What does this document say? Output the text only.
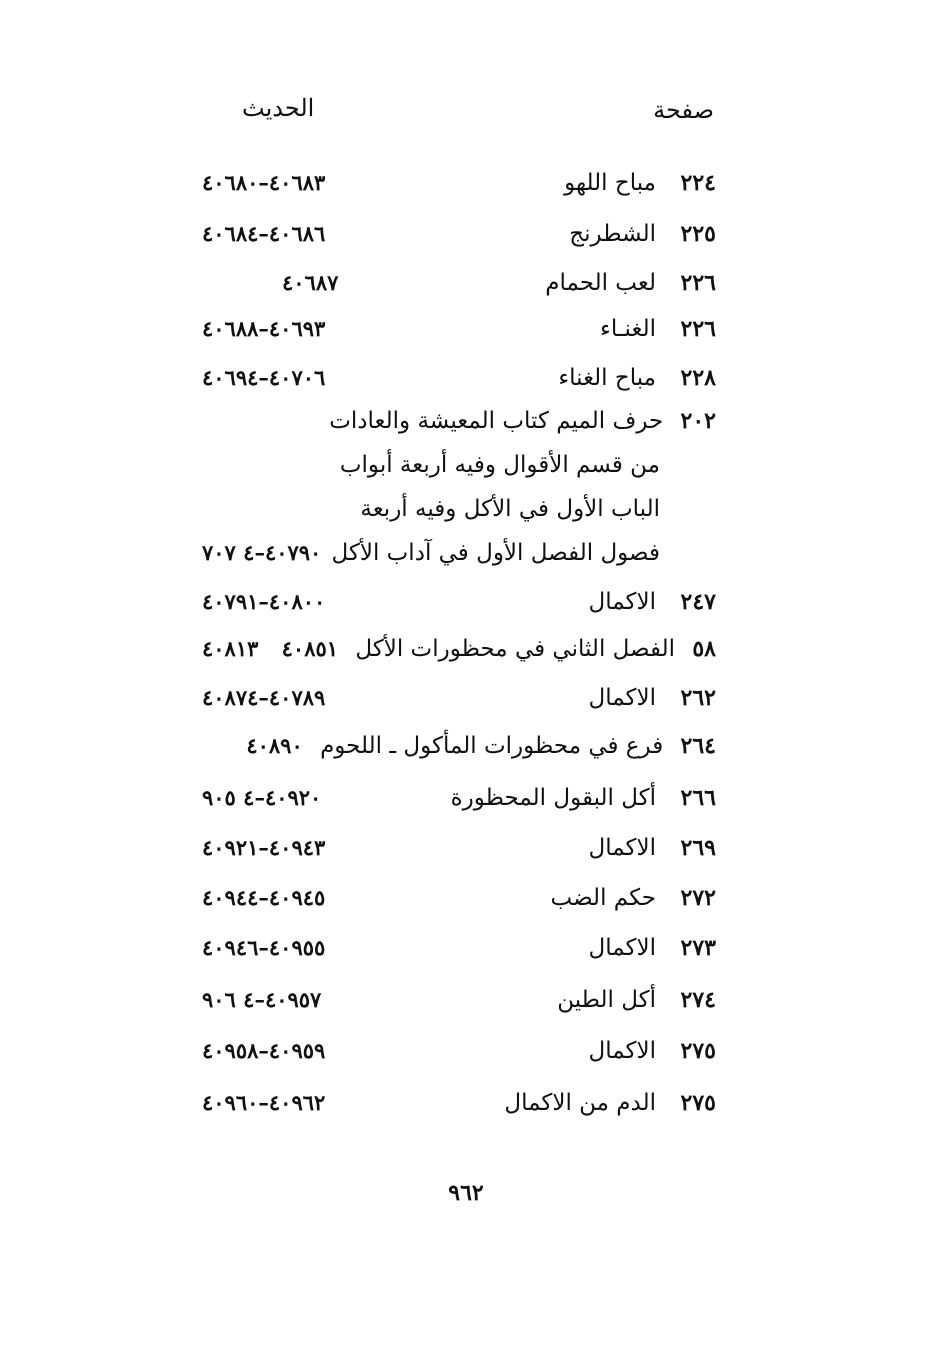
صفحة
الحديث
٢٢٤
مباح اللهو
٤٠٦٨٣–٤٠٦٨٠
٢٢٥
الشطرنج
٤٠٦٨٦–٤٠٦٨٤
٢٢٦
لعب الحمام
٤٠٦٨٧
٢٢٦
الغنـاء
٤٠٦٩٣–٤٠٦٨٨
٢٢٨
مباح الغناء
٤٠٧٠٦–٤٠٦٩٤
٢٠٢ حرف الميم كتاب المعيشة والعادات
من قسم الأقوال وفيه أربعة أبواب
الباب الأول في الأكل وفيه أربعة
فصول الفصل الأول في آداب الأكل
٤٠٧٩٠–٤ ٧٠٧
٢٤٧
الاكمال
٤٠٨٠٠–٤٠٧٩١
٥٨ الفصل الثاني في محظورات الأكل ٤٠٨٥١
٤٠٨١٣
٢٦٢
الاكمال
٤٠٧٨٩–٤٠٨٧٤
٢٦٤ فرع في محظورات المأكول ـ اللحوم ٤٠٨٩٠
٢٦٦
أكل البقول المحظورة
٤٠٩٢٠–٤ ٩٠٥
٢٦٩
الاكمال
٤٠٩٤٣–٤٠٩٢١
٢٧٢
حكم الضب
٤٠٩٤٥–٤٠٩٤٤
٢٧٣
الاكمال
٤٠٩٥٥–٤٠٩٤٦
٢٧٤
أكل الطين
٤٠٩٥٧–٤ ٩٠٦
٢٧٥
الاكمال
٤٠٩٥٩–٤٠٩٥٨
٢٧٥
الدم من الاكمال
٤٠٩٦٢–٤٠٩٦٠
٩٦٢
